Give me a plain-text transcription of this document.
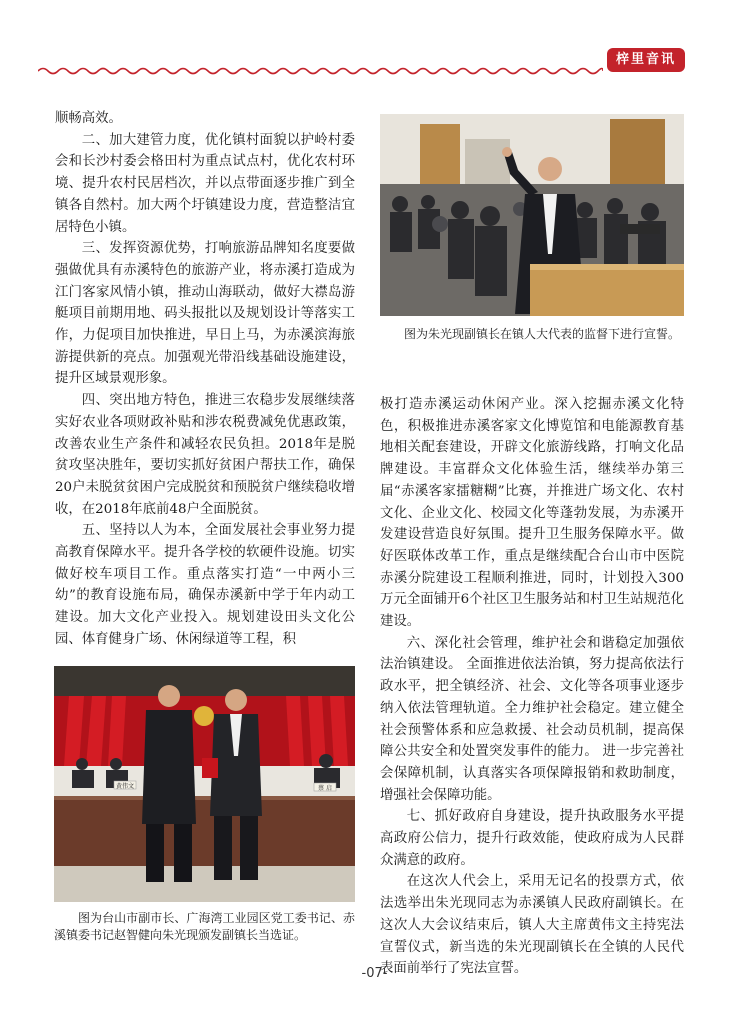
梓里音讯

顺畅高效。

二、加大建管力度，优化镇村面貌以护岭村委会和长沙村委会格田村为重点试点村，优化农村环境、提升农村民居档次，并以点带面逐步推广到全镇各自然村。加大两个圩镇建设力度，营造整洁宜居特色小镇。

三、发挥资源优势，打响旅游品牌知名度要做强做优具有赤溪特色的旅游产业，将赤溪打造成为江门客家风情小镇，推动山海联动，做好大襟岛游艇项目前期用地、码头报批以及规划设计等落实工作，力促项目加快推进，早日上马，为赤溪滨海旅游提供新的亮点。加强观光带沿线基础设施建设，提升区域景观形象。

四、突出地方特色，推进三农稳步发展继续落实好农业各项财政补贴和涉农税费减免优惠政策，改善农业生产条件和减轻农民负担。2018年是脱贫攻坚决胜年，要切实抓好贫困户帮扶工作，确保20户未脱贫贫困户完成脱贫和预脱贫户继续稳收增收，在2018年底前48户全面脱贫。

五、坚持以人为本，全面发展社会事业努力提高教育保障水平。提升各学校的软硬件设施。切实做好校车项目工作。重点落实打造“一中两小三幼”的教育设施布局，确保赤溪新中学于年内动工建设。加大文化产业投入。规划建设田头文化公园、体育健身广场、休闲绿道等工程，积

图为朱光现副镇长在镇人大代表的监督下进行宣誓。

极打造赤溪运动休闲产业。深入挖掘赤溪文化特色，积极推进赤溪客家文化博览馆和电能源教育基地相关配套建设，开辟文化旅游线路，打响文化品牌建设。丰富群众文化体验生活，继续举办第三届“赤溪客家擂糖糊”比赛，并推进广场文化、农村文化、企业文化、校园文化等蓬勃发展，为赤溪开发建设营造良好氛围。提升卫生服务保障水平。做好医联体改革工作，重点是继续配合台山市中医院赤溪分院建设工程顺利推进，同时，计划投入300万元全面铺开6个社区卫生服务站和村卫生站规范化建设。

六、深化社会管理，维护社会和谐稳定加强依法治镇建设。 全面推进依法治镇，努力提高依法行政水平，把全镇经济、社会、文化等各项事业逐步纳入依法管理轨道。全力维护社会稳定。建立健全社会预警体系和应急救援、社会动员机制，提高保障公共安全和处置突发事件的能力。 进一步完善社会保障机制，认真落实各项保障报销和救助制度，增强社会保障功能。

七、抓好政府自身建设，提升执政服务水平提高政府公信力，提升行政效能，使政府成为人民群众满意的政府。

在这次人代会上，采用无记名的投票方式，依法选举出朱光现同志为赤溪镇人民政府副镇长。在这次人大会议结束后，镇人大主席黄伟文主持宪法宣誓仪式，新当选的朱光现副镇长在全镇的人民代表面前举行了宪法宣誓。

黄伟文	蔡 启
图为台山市副市长、广海湾工业园区党工委书记、赤溪镇委书记赵智健向朱光现颁发副镇长当选证。
-07-
